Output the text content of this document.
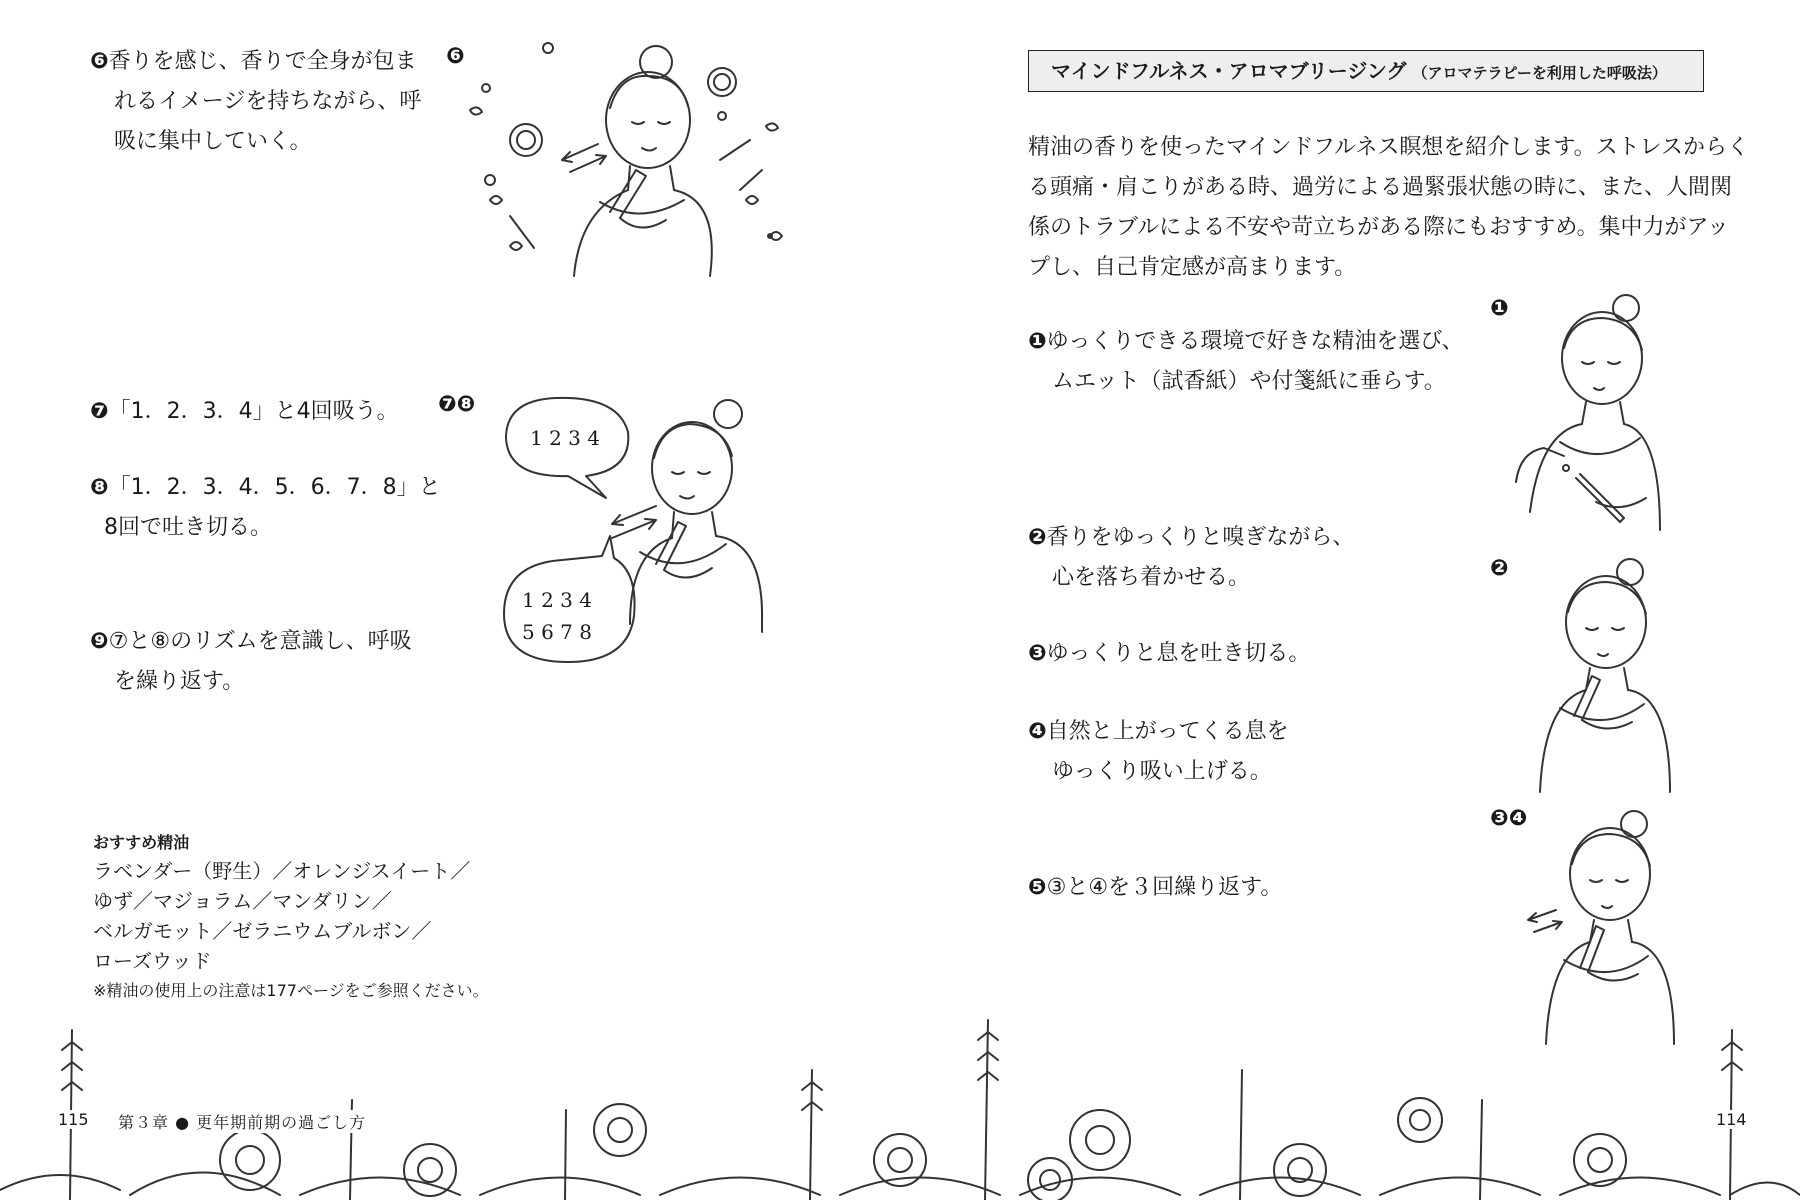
❻香りを感じ、香りで全身が包ま
れるイメージを持ちながら、呼
吸に集中していく。
❻
❼「1．2．3．4」と4回吸う。 ❼❽
❽「1．2．3．4．5．6．7．8」と
8回で吐き切る。
❾⑦と⑧のリズムを意識し、呼吸
を繰り返す。
1 2 3 4
1 2 3 4
5 6 7 8
おすすめ精油
ラベンダー（野生）／オレンジスイート／
ゆず／マジョラム／マンダリン／
ベルガモット／ゼラニウムブルボン／
ローズウッド
※精油の使用上の注意は177ページをご参照ください。
マインドフルネス・アロマブリージング （アロマテラピーを利用した呼吸法）
精油の香りを使ったマインドフルネス瞑想を紹介します。ストレスからく
る頭痛・肩こりがある時、過労による過緊張状態の時に、また、人間関
係のトラブルによる不安や苛立ちがある際にもおすすめ。集中力がアッ
プし、自己肯定感が高まります。
❶ゆっくりできる環境で好きな精油を選び、
ムエット（試香紙）や付箋紙に垂らす。
❷香りをゆっくりと嗅ぎながら、
心を落ち着かせる。
❸ゆっくりと息を吐き切る。
❹自然と上がってくる息を
ゆっくり吸い上げる。
❺③と④を３回繰り返す。
❶
❷
❸❹
115 第３章 ● 更年期前期の過ごし方	114
